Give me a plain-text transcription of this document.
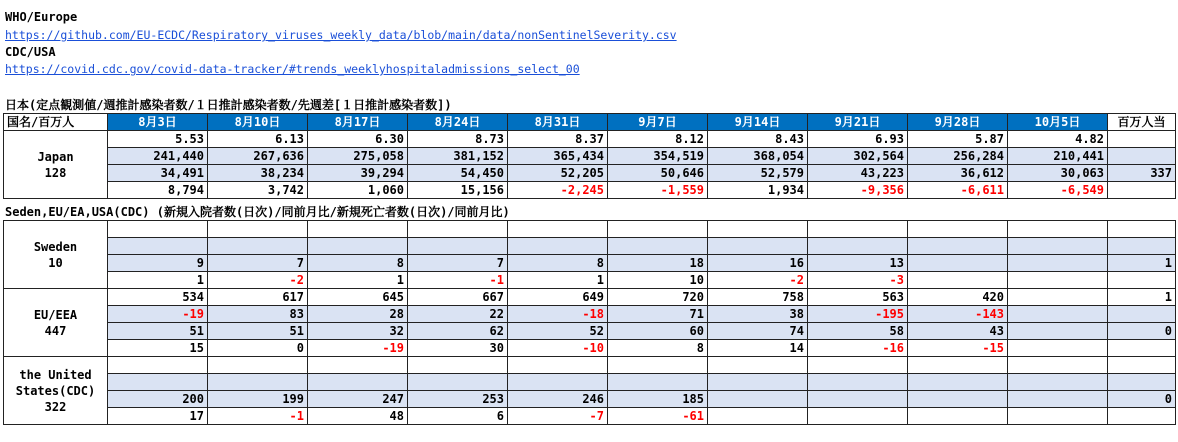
WHO/Europe
https://github.com/EU-ECDC/Respiratory_viruses_weekly_data/blob/main/data/nonSentinelSeverity.csv
CDC/USA
https://covid.cdc.gov/covid-data-tracker/#trends_weeklyhospitaladmissions_select_00
日本(定点観測値/週推計感染者数/１日推計感染者数/先週差[１日推計感染者数])
国名/百万人	8月3日	8月10日	8月17日	8月24日	8月31日	9月7日	9月14日	9月21日	9月28日	10月5日	百万人当

Japan
128	5.53	6.13	6.30	8.73	8.37	8.12	8.43	6.93	5.87	4.82	
	241,440	267,636	275,058	381,152	365,434	354,519	368,054	302,564	256,284	210,441	
	34,491	38,234	39,294	54,450	52,205	50,646	52,579	43,223	36,612	30,063	337
	8,794	3,742	1,060	15,156	-2,245	-1,559	1,934	-9,356	-6,611	-6,549	
Seden,EU/EA,USA(CDC) (新規入院者数(日次)/同前月比/新規死亡者数(日次)/同前月比)
Sweden
10											

	9	7	8	7	8	18	16	13			1
	1	-2	1	-1	1	10	-2	-3			

EU/EEA
447	534	617	645	667	649	720	758	563	420		1
	-19	83	28	22	-18	71	38	-195	-143		
	51	51	32	62	52	60	74	58	43		0
	15	0	-19	30	-10	8	14	-16	-15		

the United
States(CDC)
322											

	200	199	247	253	246	185					0
	17	-1	48	6	-7	-61					
